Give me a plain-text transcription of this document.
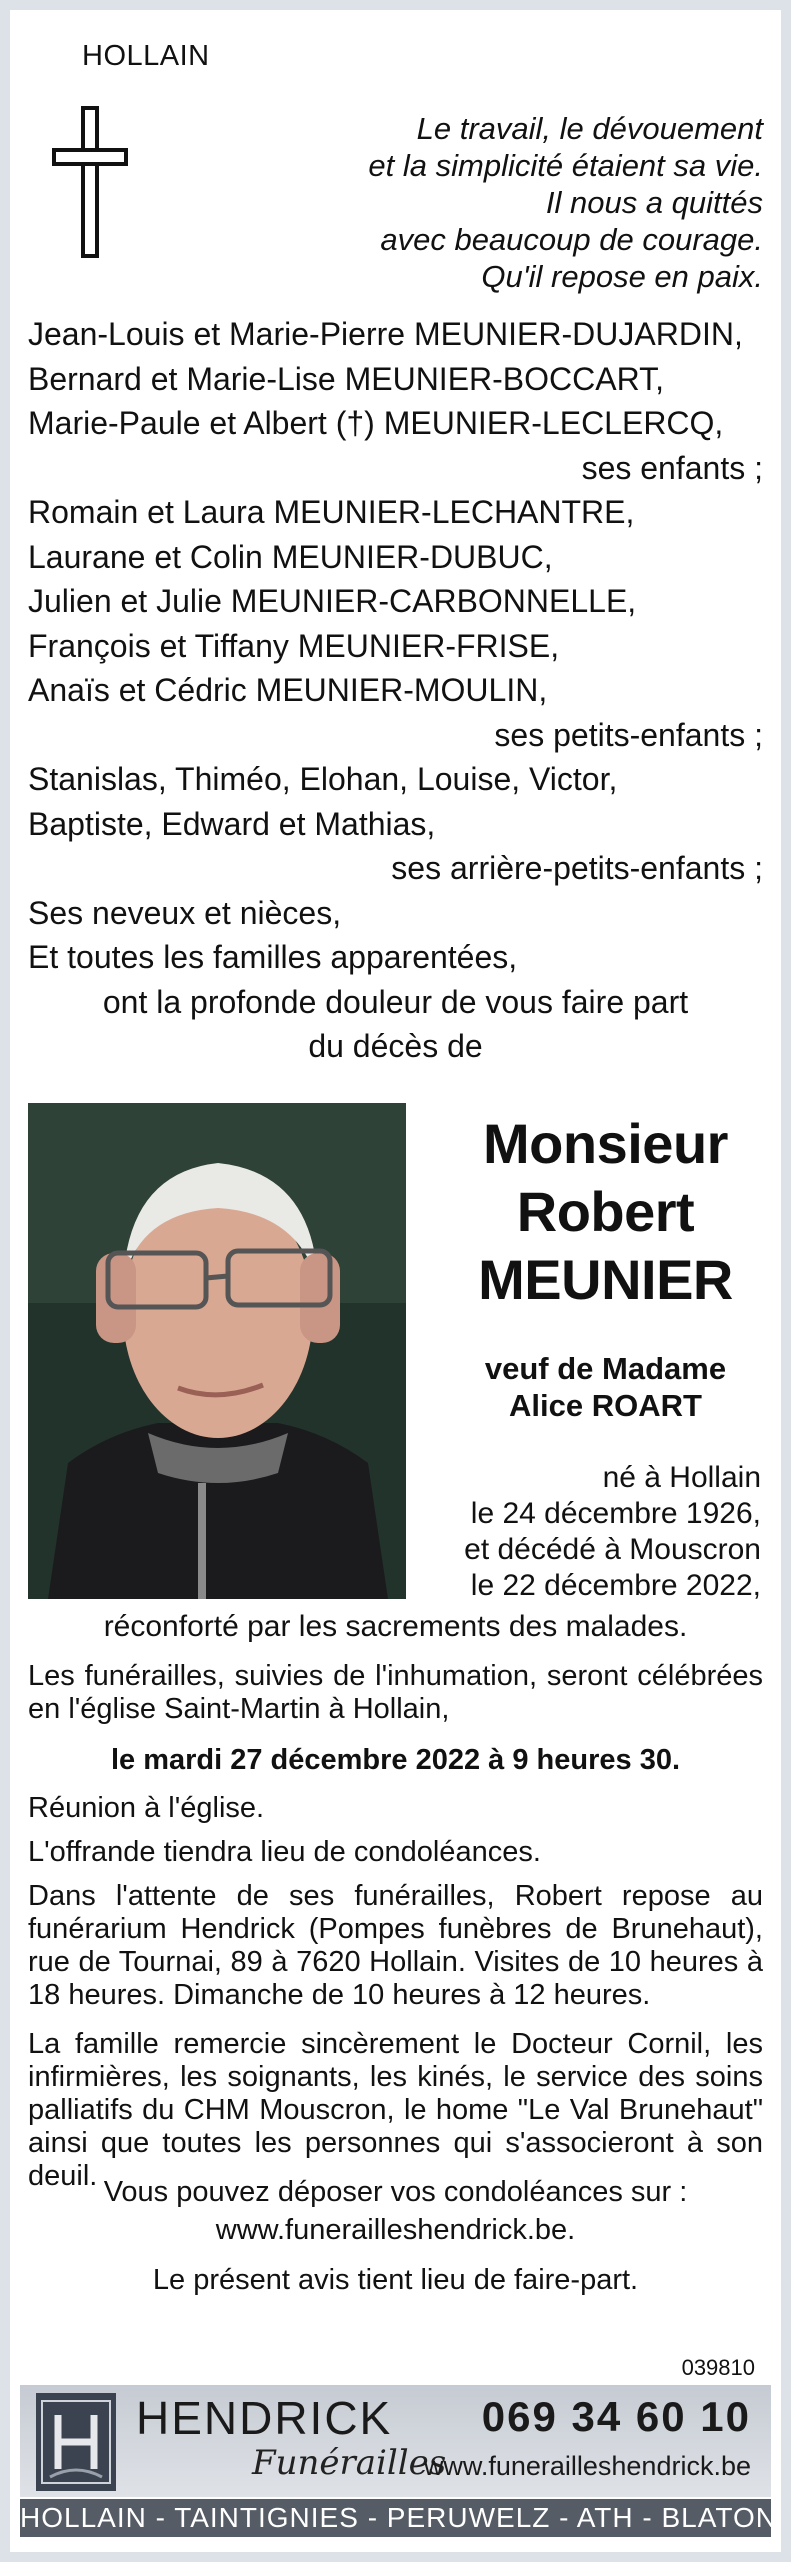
HOLLAIN
Le travail, le dévouement
et la simplicité étaient sa vie.
Il nous a quittés
avec beaucoup de courage.
Qu'il repose en paix.
Jean-Louis et Marie-Pierre MEUNIER-DUJARDIN,
Bernard et Marie-Lise MEUNIER-BOCCART,
Marie-Paule et Albert (†) MEUNIER-LECLERCQ,
ses enfants ;
Romain et Laura MEUNIER-LECHANTRE,
Laurane et Colin MEUNIER-DUBUC,
Julien et Julie MEUNIER-CARBONNELLE,
François et Tiffany MEUNIER-FRISE,
Anaïs et Cédric MEUNIER-MOULIN,
ses petits-enfants ;
Stanislas, Thiméo, Elohan, Louise, Victor,
Baptiste, Edward et Mathias,
ses arrière-petits-enfants ;
Ses neveux et nièces,
Et toutes les familles apparentées,
ont la profonde douleur de vous faire part
du décès de
Monsieur
Robert
MEUNIER
veuf de Madame
Alice ROART
né à Hollain
le 24 décembre 1926,
et décédé à Mouscron
le 22 décembre 2022,
réconforté par les sacrements des malades.
Les funérailles, suivies de l'inhumation, seront célébrées en l'église Saint-Martin à Hollain,
le mardi 27 décembre 2022 à 9 heures 30.
Réunion à l'église.
L'offrande tiendra lieu de condoléances.
Dans l'attente de ses funérailles, Robert repose au funérarium Hendrick (Pompes funèbres de Brunehaut), rue de Tournai, 89 à 7620 Hollain. Visites de 10 heures à 18 heures. Dimanche de 10 heures à 12 heures.
La famille remercie sincèrement le Docteur Cornil, les infirmières, les soignants, les kinés, le service des soins palliatifs du CHM Mouscron, le home "Le Val Brunehaut" ainsi que toutes les personnes qui s'associeront à son deuil. Vous pouvez déposer vos condoléances sur :
www.funerailleshendrick.be.
Le présent avis tient lieu de faire-part.
039810
HENDRICK
Funérailles
069 34 60 10
www.funerailleshendrick.be
HOLLAIN - TAINTIGNIES - PERUWELZ - ATH - BLATON
